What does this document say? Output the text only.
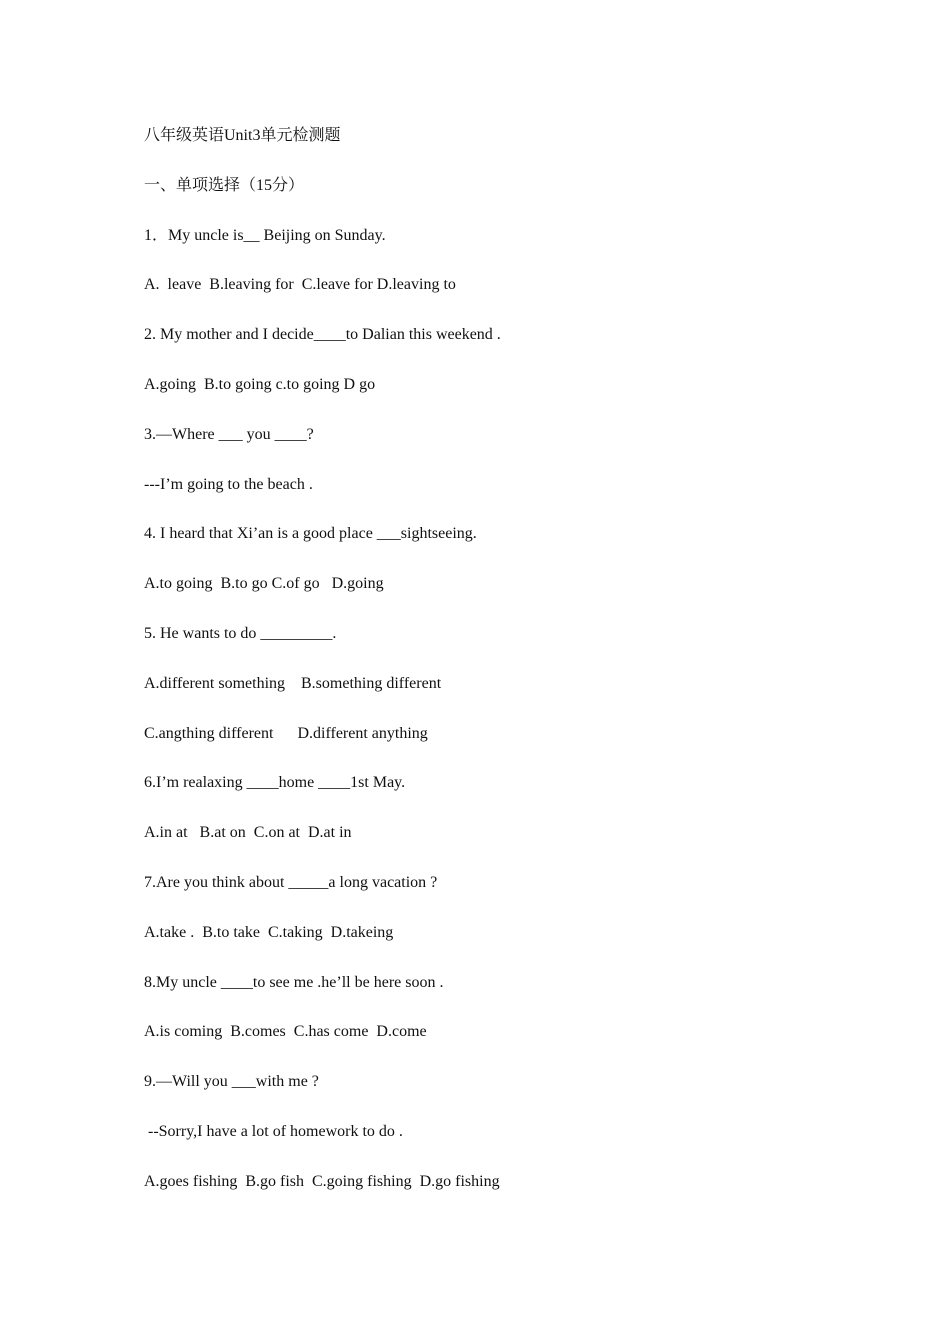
八年级英语Unit3单元检测题
一、单项选择（15分）
1．My uncle is__ Beijing on Sunday.
A.  leave  B.leaving for  C.leave for D.leaving to
2. My mother and I decide____to Dalian this weekend .
A.going  B.to going c.to going D go
3.—Where ___ you ____?
---I’m going to the beach .
4. I heard that Xi’an is a good place ___sightseeing.
A.to going  B.to go C.of go   D.going
5. He wants to do _________.
A.different something    B.something different
C.angthing different      D.different anything
6.I’m realaxing ____home ____1st May.
A.in at   B.at on  C.on at  D.at in
7.Are you think about _____a long vacation ?
A.take .  B.to take  C.taking  D.takeing
8.My uncle ____to see me .he’ll be here soon .
A.is coming  B.comes  C.has come  D.come
9.—Will you ___with me ?
--Sorry,I have a lot of homework to do .
A.goes fishing  B.go fish  C.going fishing  D.go fishing
